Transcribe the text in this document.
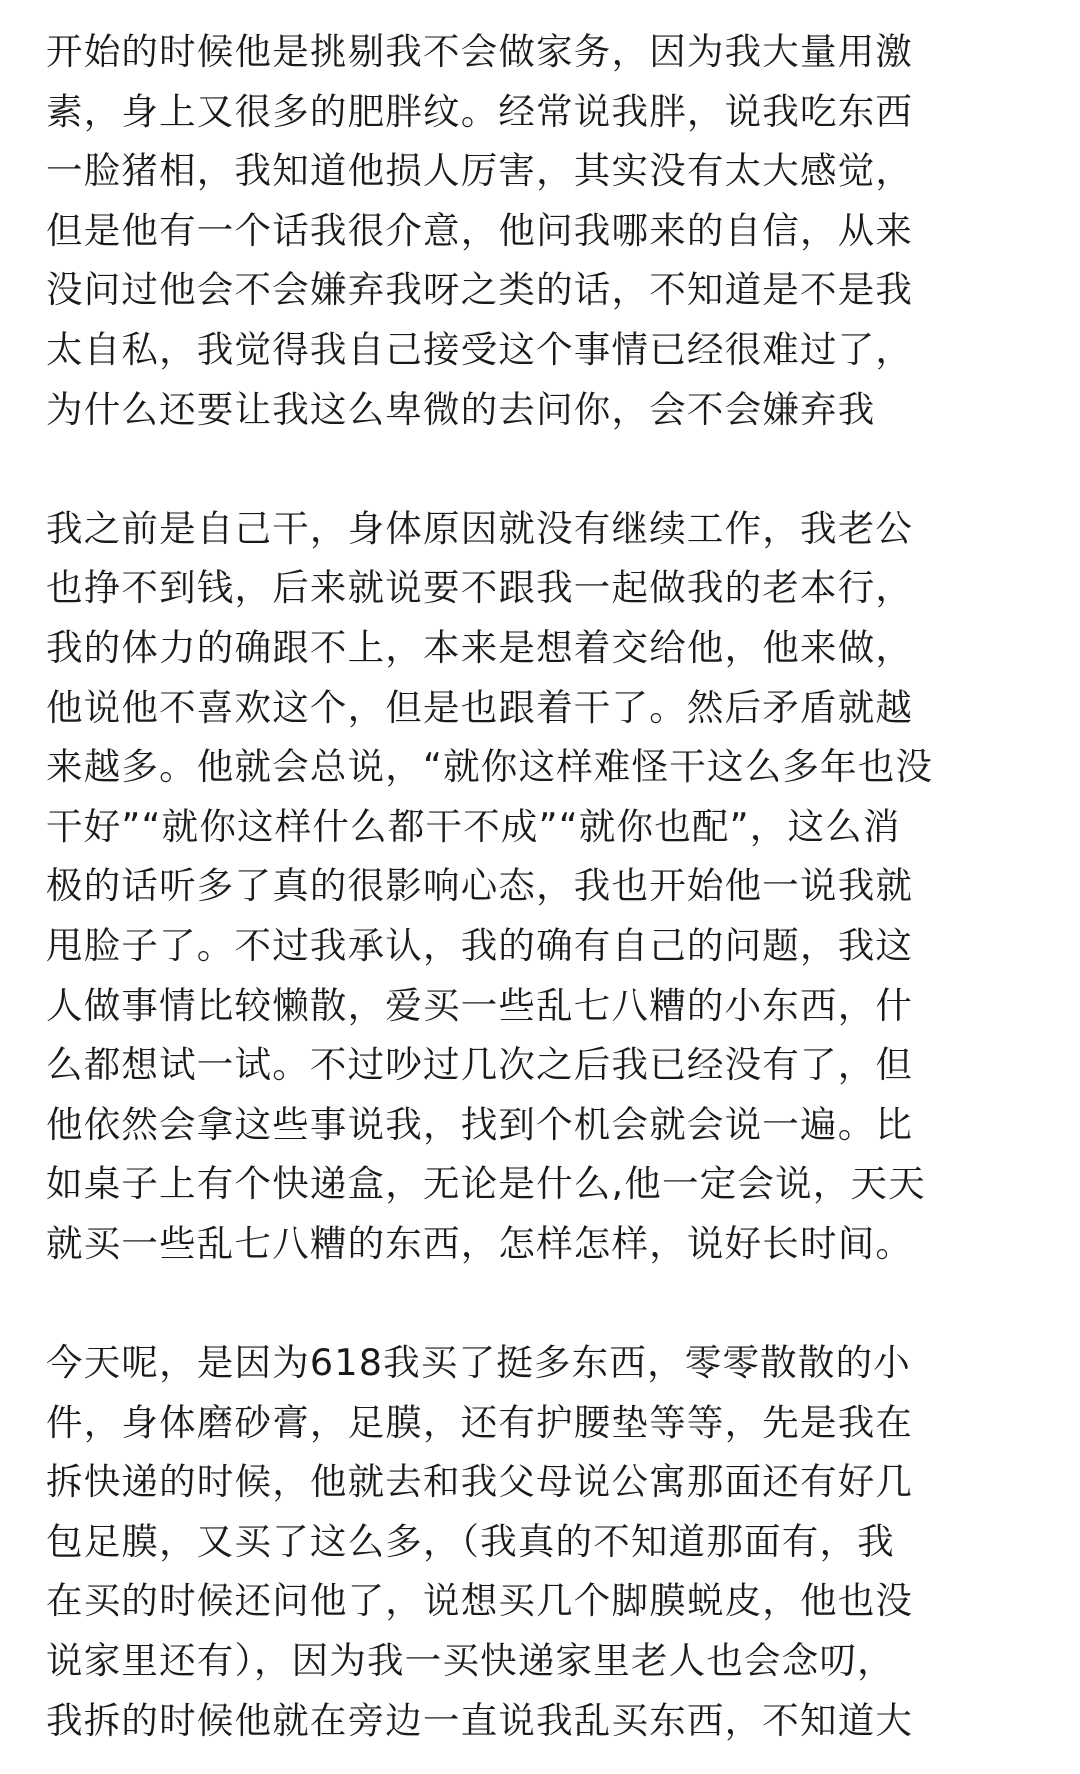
开始的时候他是挑剔我不会做家务，因为我大量用激
素，身上又很多的肥胖纹。经常说我胖，说我吃东西
一脸猪相，我知道他损人厉害，其实没有太大感觉，
但是他有一个话我很介意，他问我哪来的自信，从来
没问过他会不会嫌弃我呀之类的话，不知道是不是我
太自私，我觉得我自己接受这个事情已经很难过了，
为什么还要让我这么卑微的去问你，会不会嫌弃我
我之前是自己干，身体原因就没有继续工作，我老公
也挣不到钱，后来就说要不跟我一起做我的老本行，
我的体力的确跟不上，本来是想着交给他，他来做，
他说他不喜欢这个，但是也跟着干了。然后矛盾就越
来越多。他就会总说，“就你这样难怪干这么多年也没
干好”“就你这样什么都干不成”“就你也配”，这么消
极的话听多了真的很影响心态，我也开始他一说我就
甩脸子了。不过我承认，我的确有自己的问题，我这
人做事情比较懒散，爱买一些乱七八糟的小东西，什
么都想试一试。不过吵过几次之后我已经没有了，但
他依然会拿这些事说我，找到个机会就会说一遍。比
如桌子上有个快递盒，无论是什么,他一定会说，天天
就买一些乱七八糟的东西，怎样怎样，说好长时间。
今天呢，是因为618我买了挺多东西，零零散散的小
件，身体磨砂膏，足膜，还有护腰垫等等，先是我在
拆快递的时候，他就去和我父母说公寓那面还有好几
包足膜，又买了这么多，（我真的不知道那面有，我
在买的时候还问他了，说想买几个脚膜蜕皮，他也没
说家里还有），因为我一买快递家里老人也会念叨，
我拆的时候他就在旁边一直说我乱买东西，不知道大
